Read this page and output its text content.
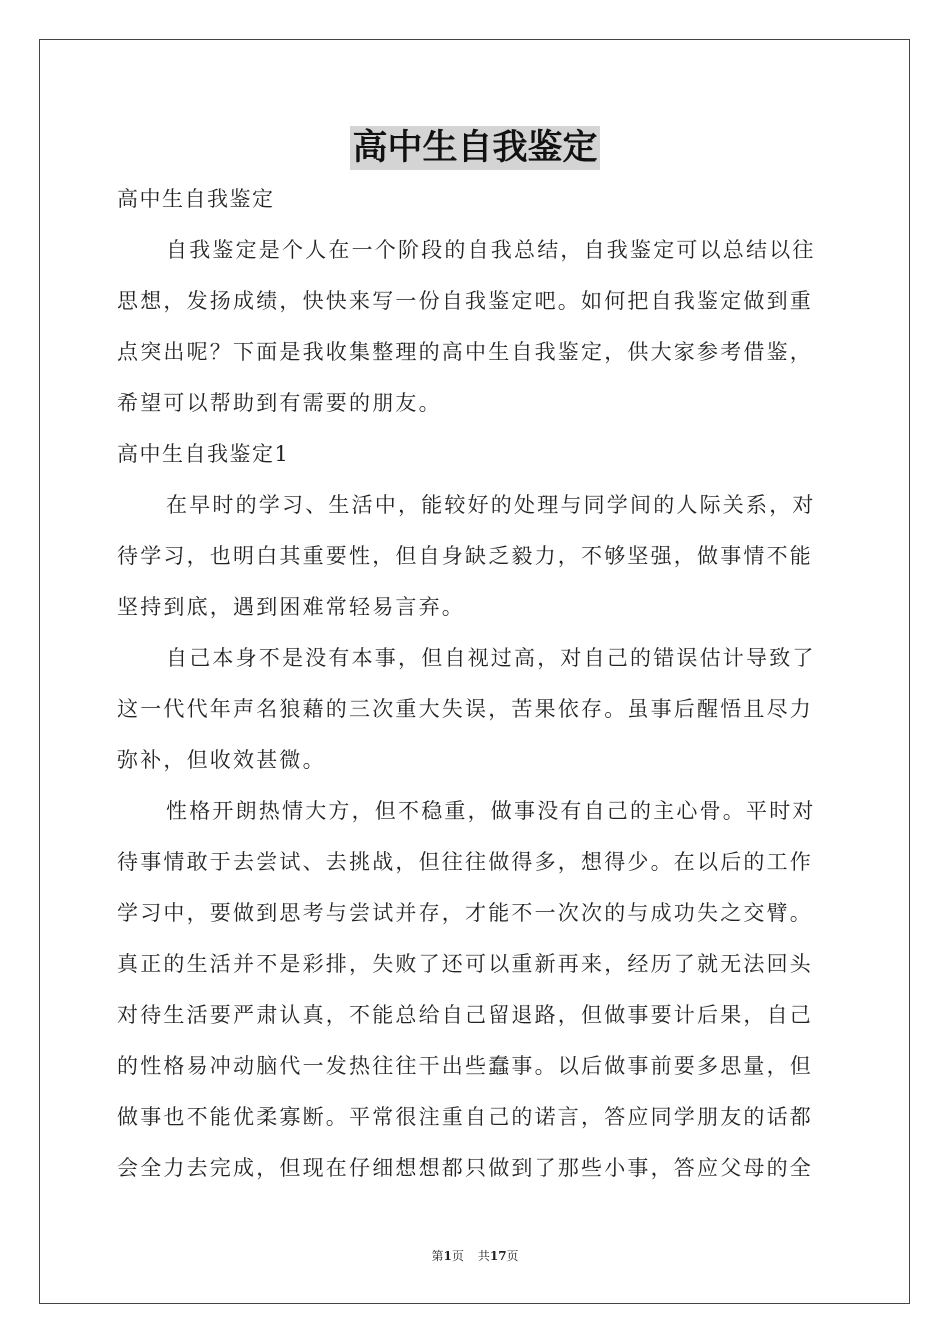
高中生自我鉴定
高中生自我鉴定
自我鉴定是个人在一个阶段的自我总结，自我鉴定可以总结以往
思想，发扬成绩，快快来写一份自我鉴定吧。如何把自我鉴定做到重
点突出呢？下面是我收集整理的高中生自我鉴定，供大家参考借鉴，
希望可以帮助到有需要的朋友。
高中生自我鉴定1
在早时的学习、生活中，能较好的处理与同学间的人际关系，对
待学习，也明白其重要性，但自身缺乏毅力，不够坚强，做事情不能
坚持到底，遇到困难常轻易言弃。
自己本身不是没有本事，但自视过高，对自己的错误估计导致了
这一代代年声名狼藉的三次重大失误，苦果依存。虽事后醒悟且尽力
弥补，但收效甚微。
性格开朗热情大方，但不稳重，做事没有自己的主心骨。平时对
待事情敢于去尝试、去挑战，但往往做得多，想得少。在以后的工作
学习中，要做到思考与尝试并存，才能不一次次的与成功失之交臂。
真正的生活并不是彩排，失败了还可以重新再来，经历了就无法回头
对待生活要严肃认真，不能总给自己留退路，但做事要计后果，自己
的性格易冲动脑代一发热往往干出些蠢事。以后做事前要多思量，但
做事也不能优柔寡断。平常很注重自己的诺言，答应同学朋友的话都
会全力去完成，但现在仔细想想都只做到了那些小事，答应父母的全
第1页 共17页
